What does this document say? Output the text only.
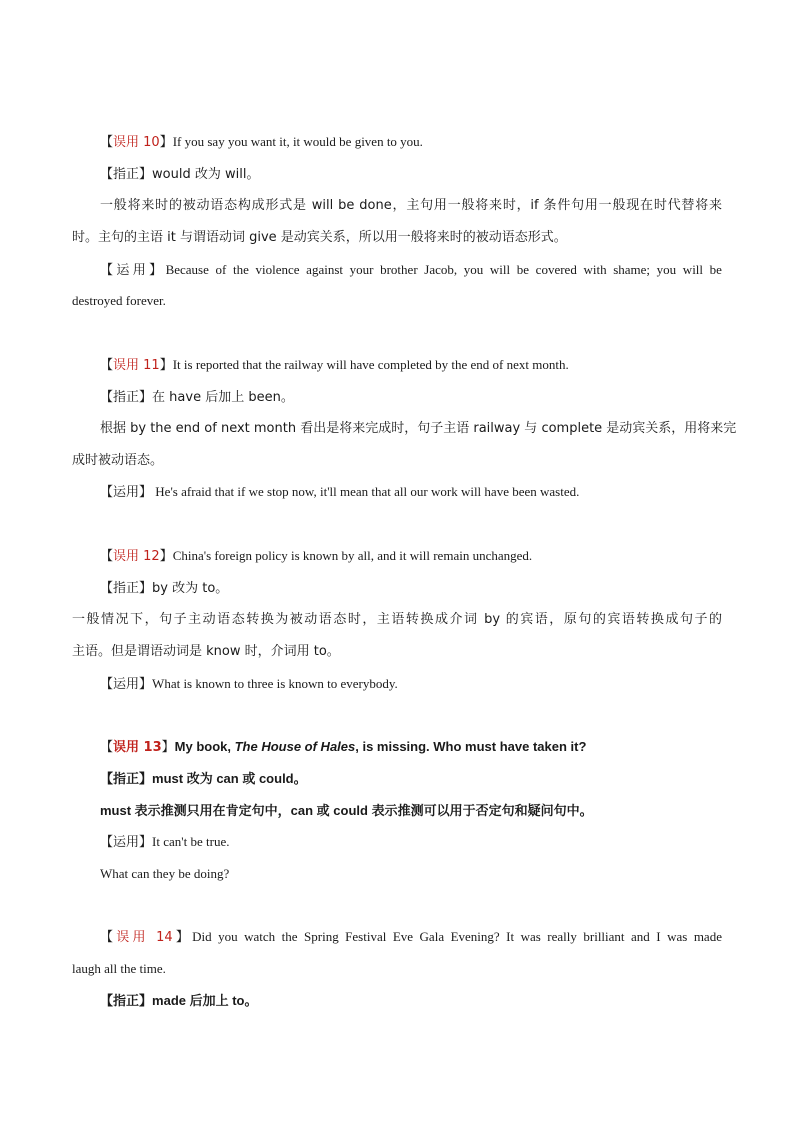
【误用 10】If you say you want it, it would be given to you.
【指正】would 改为 will。
一般将来时的被动语态构成形式是 will be done，主句用一般将来时，if 条件句用一般现在时代替将来
时。主句的主语 it 与谓语动词 give 是动宾关系，所以用一般将来时的被动语态形式。
【运用】Because of the violence against your brother Jacob, you will be covered with shame; you will be
destroyed forever.
【误用 11】It is reported that the railway will have completed by the end of next month.
【指正】在 have 后加上 been。
根据 by the end of next month 看出是将来完成时，句子主语 railway 与 complete 是动宾关系，用将来完
成时被动语态。
【运用】 He's afraid that if we stop now, it'll mean that all our work will have been wasted.
【误用 12】China's foreign policy is known by all, and it will remain unchanged.
【指正】by 改为 to。
一般情况下，句子主动语态转换为被动语态时，主语转换成介词 by 的宾语，原句的宾语转换成句子的
主语。但是谓语动词是 know 时，介词用 to。
【运用】What is known to three is known to everybody.
【误用 13】My book, The House of Hales, is missing. Who must have taken it?
【指正】must 改为 can 或 could。
must 表示推测只用在肯定句中，can 或 could 表示推测可以用于否定句和疑问句中。
【运用】It can't be true.
What can they be doing?
【误用 14】Did you watch the Spring Festival Eve Gala Evening? It was really brilliant and I was made
laugh all the time.
【指正】made 后加上 to。
